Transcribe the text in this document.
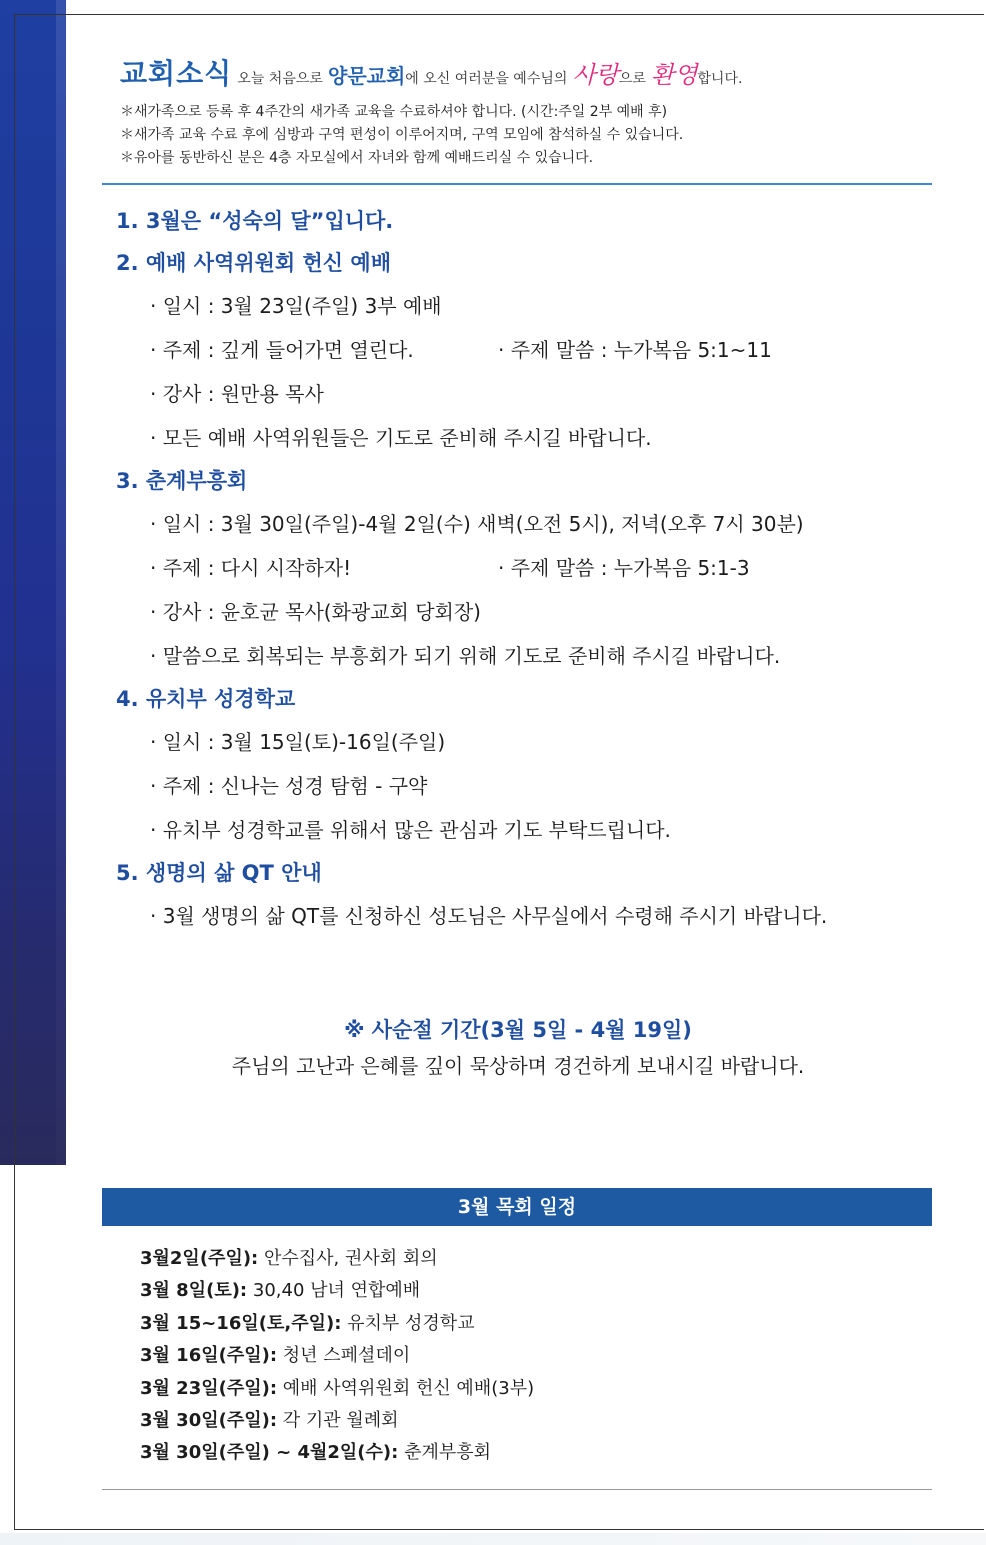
교회소식 오늘 처음으로 양문교회에 오신 여러분을 예수님의 사랑으로 환영합니다.
＊새가족으로 등록 후 4주간의 새가족 교육을 수료하셔야 합니다. (시간:주일 2부 예배 후)
＊새가족 교육 수료 후에 심방과 구역 편성이 이루어지며, 구역 모임에 참석하실 수 있습니다.
＊유아를 동반하신 분은 4층 자모실에서 자녀와 함께 예배드리실 수 있습니다.
1. 3월은 “성숙의 달”입니다.
2. 예배 사역위원회 헌신 예배
· 일시 : 3월 23일(주일) 3부 예배
· 주제 : 깊게 들어가면 열린다.	· 주제 말씀 : 누가복음 5:1~11
· 강사 : 원만용 목사
· 모든 예배 사역위원들은 기도로 준비해 주시길 바랍니다.
3. 춘계부흥회
· 일시 : 3월 30일(주일)-4월 2일(수) 새벽(오전 5시), 저녁(오후 7시 30분)
· 주제 : 다시 시작하자!	· 주제 말씀 : 누가복음 5:1-3
· 강사 : 윤호균 목사(화광교회 당회장)
· 말씀으로 회복되는 부흥회가 되기 위해 기도로 준비해 주시길 바랍니다.
4. 유치부 성경학교
· 일시 : 3월 15일(토)-16일(주일)
· 주제 : 신나는 성경 탐험 - 구약
· 유치부 성경학교를 위해서 많은 관심과 기도 부탁드립니다.
5. 생명의 삶 QT 안내
· 3월 생명의 삶 QT를 신청하신 성도님은 사무실에서 수령해 주시기 바랍니다.
※ 사순절 기간(3월 5일 - 4월 19일)
주님의 고난과 은혜를 깊이 묵상하며 경건하게 보내시길 바랍니다.
3월 목회 일정
3월2일(주일): 안수집사, 권사회 회의
3월 8일(토): 30,40 남녀 연합예배
3월 15~16일(토,주일): 유치부 성경학교
3월 16일(주일): 청년 스페셜데이
3월 23일(주일): 예배 사역위원회 헌신 예배(3부)
3월 30일(주일): 각 기관 월례회
3월 30일(주일) ~ 4월2일(수): 춘계부흥회
